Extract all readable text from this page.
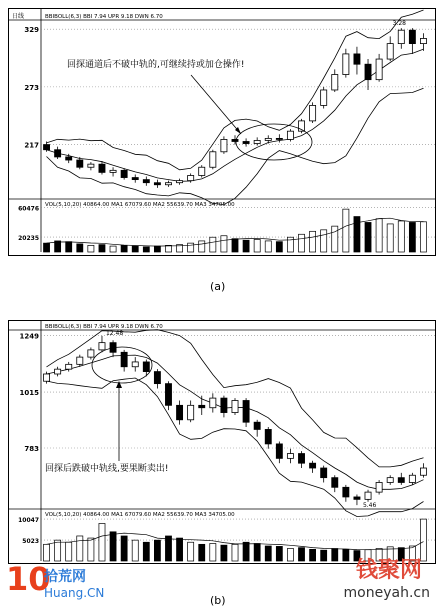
BBIBOLL(6,3) BBI 7.94 UPR 9.18 DWN 6.70
VOL(5,10,20) 40864.00 MA1 67079.60 MA2 55639.70 MA3 34705.00
日线
329
273
217
60476
20235
3.28
回探通道后不破中轨的,可继续持或加仓操作!
(a)
BBIBOLL(6,3) BBI 7.94 UPR 9.18 DWN 6.70
VOL(5,10,20) 40864.00 MA1 67079.60 MA2 55639.70 MA3 34705.00
1249
1015
783
10047
5023
12.48
5.46
回探后跌破中轨线,要果断卖出!
10
拾荒网
Huang.CN
(b)
钱聚网
moneyah.cn
